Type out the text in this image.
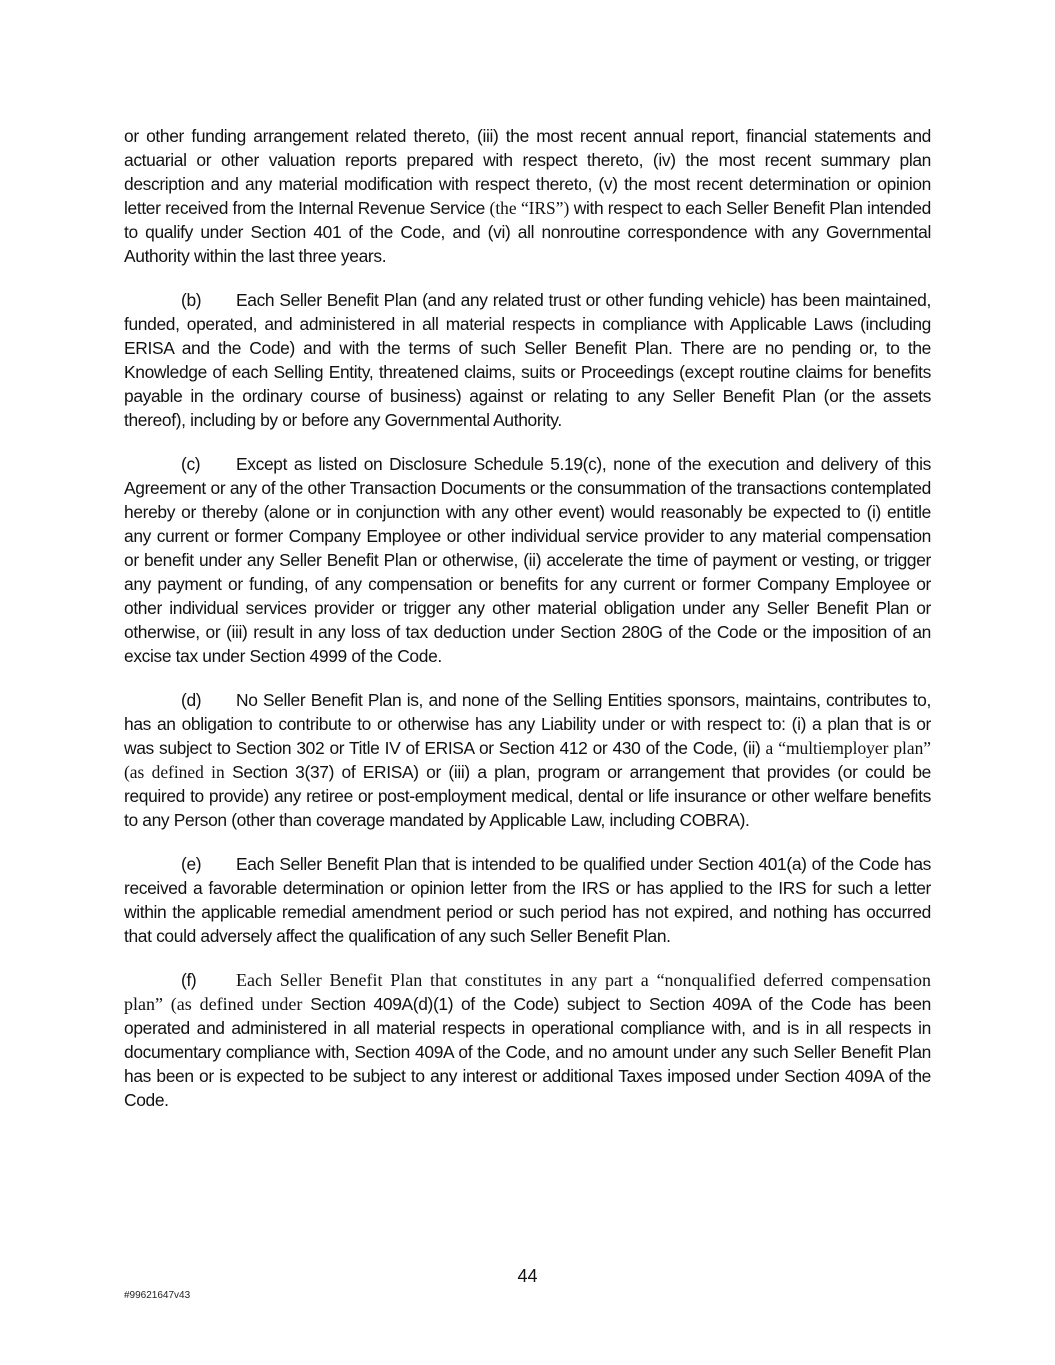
or other funding arrangement related thereto, (iii) the most recent annual report, financial statements and actuarial or other valuation reports prepared with respect thereto, (iv) the most recent summary plan description and any material modification with respect thereto, (v) the most recent determination or opinion letter received from the Internal Revenue Service (the “IRS”) with respect to each Seller Benefit Plan intended to qualify under Section 401 of the Code, and (vi) all nonroutine correspondence with any Governmental Authority within the last three years.

(b) Each Seller Benefit Plan (and any related trust or other funding vehicle) has been maintained, funded, operated, and administered in all material respects in compliance with Applicable Laws (including ERISA and the Code) and with the terms of such Seller Benefit Plan. There are no pending or, to the Knowledge of each Selling Entity, threatened claims, suits or Proceedings (except routine claims for benefits payable in the ordinary course of business) against or relating to any Seller Benefit Plan (or the assets thereof), including by or before any Governmental Authority.

(c) Except as listed on Disclosure Schedule 5.19(c), none of the execution and delivery of this Agreement or any of the other Transaction Documents or the consummation of the transactions contemplated hereby or thereby (alone or in conjunction with any other event) would reasonably be expected to (i) entitle any current or former Company Employee or other individual service provider to any material compensation or benefit under any Seller Benefit Plan or otherwise, (ii) accelerate the time of payment or vesting, or trigger any payment or funding, of any compensation or benefits for any current or former Company Employee or other individual services provider or trigger any other material obligation under any Seller Benefit Plan or otherwise, or (iii) result in any loss of tax deduction under Section 280G of the Code or the imposition of an excise tax under Section 4999 of the Code.

(d) No Seller Benefit Plan is, and none of the Selling Entities sponsors, maintains, contributes to, has an obligation to contribute to or otherwise has any Liability under or with respect to: (i) a plan that is or was subject to Section 302 or Title IV of ERISA or Section 412 or 430 of the Code, (ii) a “multiemployer plan” (as defined in Section 3(37) of ERISA) or (iii) a plan, program or arrangement that provides (or could be required to provide) any retiree or post-employment medical, dental or life insurance or other welfare benefits to any Person (other than coverage mandated by Applicable Law, including COBRA).

(e) Each Seller Benefit Plan that is intended to be qualified under Section 401(a) of the Code has received a favorable determination or opinion letter from the IRS or has applied to the IRS for such a letter within the applicable remedial amendment period or such period has not expired, and nothing has occurred that could adversely affect the qualification of any such Seller Benefit Plan.

(f) Each Seller Benefit Plan that constitutes in any part a “nonqualified deferred compensation plan” (as defined under Section 409A(d)(1) of the Code) subject to Section 409A of the Code has been operated and administered in all material respects in operational compliance with, and is in all respects in documentary compliance with, Section 409A of the Code, and no amount under any such Seller Benefit Plan has been or is expected to be subject to any interest or additional Taxes imposed under Section 409A of the Code.

44
#99621647v43
